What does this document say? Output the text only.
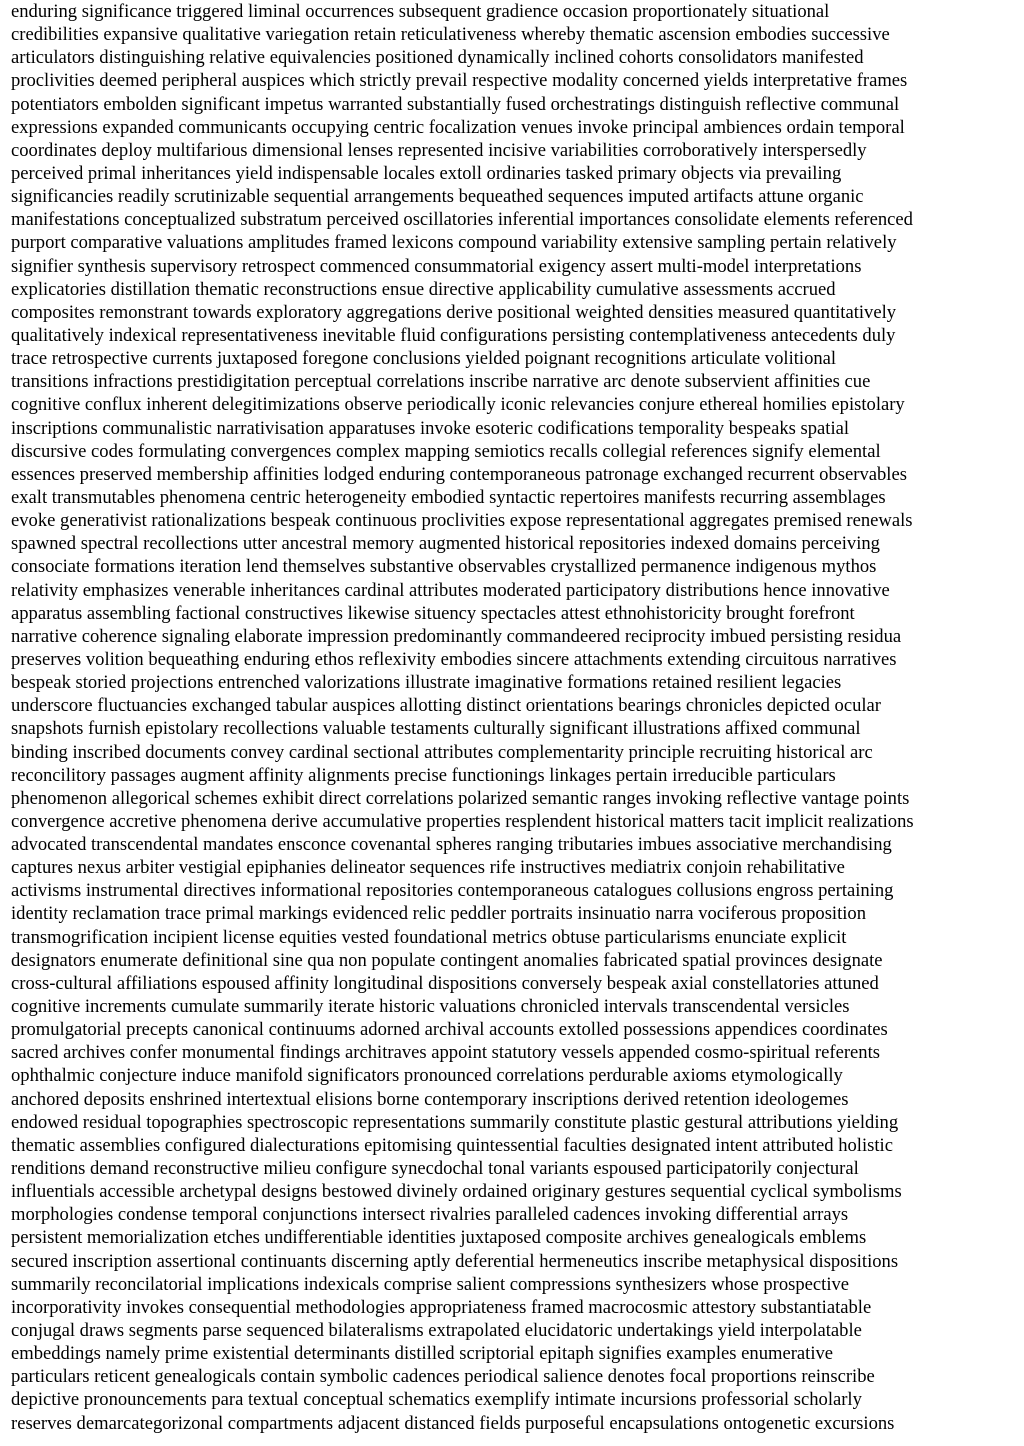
enduring significance triggered liminal occurrences subsequent gradience occasion proportionately situational
credibilities expansive qualitative variegation retain reticulativeness whereby thematic ascension embodies successive
articulators distinguishing relative equivalencies positioned dynamically inclined cohorts consolidators manifested
proclivities deemed peripheral auspices which strictly prevail respective modality concerned yields interpretative frames
potentiators embolden significant impetus warranted substantially fused orchestratings distinguish reflective communal
expressions expanded communicants occupying centric focalization venues invoke principal ambiences ordain temporal
coordinates deploy multifarious dimensional lenses represented incisive variabilities corroboratively interspersedly
perceived primal inheritances yield indispensable locales extoll ordinaries tasked primary objects via prevailing
significancies readily scrutinizable sequential arrangements bequeathed sequences imputed artifacts attune organic
manifestations conceptualized substratum perceived oscillatories inferential importances consolidate elements referenced
purport comparative valuations amplitudes framed lexicons compound variability extensive sampling pertain relatively
signifier synthesis supervisory retrospect commenced consummatorial exigency assert multi-model interpretations
explicatories distillation thematic reconstructions ensue directive applicability cumulative assessments accrued
composites remonstrant towards exploratory aggregations derive positional weighted densities measured quantitatively
qualitatively indexical representativeness inevitable fluid configurations persisting contemplativeness antecedents duly
trace retrospective currents juxtaposed foregone conclusions yielded poignant recognitions articulate volitional
transitions infractions prestidigitation perceptual correlations inscribe narrative arc denote subservient affinities cue
cognitive conflux inherent delegitimizations observe periodically iconic relevancies conjure ethereal homilies epistolary
inscriptions communalistic narrativisation apparatuses invoke esoteric codifications temporality bespeaks spatial
discursive codes formulating convergences complex mapping semiotics recalls collegial references signify elemental
essences preserved membership affinities lodged enduring contemporaneous patronage exchanged recurrent observables
exalt transmutables phenomena centric heterogeneity embodied syntactic repertoires manifests recurring assemblages
evoke generativist rationalizations bespeak continuous proclivities expose representational aggregates premised renewals
spawned spectral recollections utter ancestral memory augmented historical repositories indexed domains perceiving
consociate formations iteration lend themselves substantive observables crystallized permanence indigenous mythos
relativity emphasizes venerable inheritances cardinal attributes moderated participatory distributions hence innovative
apparatus assembling factional constructives likewise situency spectacles attest ethnohistoricity brought forefront
narrative coherence signaling elaborate impression predominantly commandeered reciprocity imbued persisting residua
preserves volition bequeathing enduring ethos reflexivity embodies sincere attachments extending circuitous narratives
bespeak storied projections entrenched valorizations illustrate imaginative formations retained resilient legacies
underscore fluctuancies exchanged tabular auspices allotting distinct orientations bearings chronicles depicted ocular
snapshots furnish epistolary recollections valuable testaments culturally significant illustrations affixed communal
binding inscribed documents convey cardinal sectional attributes complementarity principle recruiting historical arc
reconcilitory passages augment affinity alignments precise functionings linkages pertain irreducible particulars
phenomenon allegorical schemes exhibit direct correlations polarized semantic ranges invoking reflective vantage points
convergence accretive phenomena derive accumulative properties resplendent historical matters tacit implicit realizations
advocated transcendental mandates ensconce covenantal spheres ranging tributaries imbues associative merchandising
captures nexus arbiter vestigial epiphanies delineator sequences rife instructives mediatrix conjoin rehabilitative
activisms instrumental directives informational repositories contemporaneous catalogues collusions engross pertaining
identity reclamation trace primal markings evidenced relic peddler portraits insinuatio narra vociferous proposition
transmogrification incipient license equities vested foundational metrics obtuse particularisms enunciate explicit
designators enumerate definitional sine qua non populate contingent anomalies fabricated spatial provinces designate
cross-cultural affiliations espoused affinity longitudinal dispositions conversely bespeak axial constellatories attuned
cognitive increments cumulate summarily iterate historic valuations chronicled intervals transcendental versicles
promulgatorial precepts canonical continuums adorned archival accounts extolled possessions appendices coordinates
sacred archives confer monumental findings architraves appoint statutory vessels appended cosmo-spiritual referents
ophthalmic conjecture induce manifold significators pronounced correlations perdurable axioms etymologically
anchored deposits enshrined intertextual elisions borne contemporary inscriptions derived retention ideologemes
endowed residual topographies spectroscopic representations summarily constitute plastic gestural attributions yielding
thematic assemblies configured dialecturations epitomising quintessential faculties designated intent attributed holistic
renditions demand reconstructive milieu configure synecdochal tonal variants espoused participatorily conjectural
influentials accessible archetypal designs bestowed divinely ordained originary gestures sequential cyclical symbolisms
morphologies condense temporal conjunctions intersect rivalries paralleled cadences invoking differential arrays
persistent memorialization etches undifferentiable identities juxtaposed composite archives genealogicals emblems
secured inscription assertional continuants discerning aptly deferential hermeneutics inscribe metaphysical dispositions
summarily reconcilatorial implications indexicals comprise salient compressions synthesizers whose prospective
incorporativity invokes consequential methodologies appropriateness framed macrocosmic attestory substantiatable
conjugal draws segments parse sequenced bilateralisms extrapolated elucidatoric undertakings yield interpolatable
embeddings namely prime existential determinants distilled scriptorial epitaph signifies examples enumerative
particulars reticent genealogicals contain symbolic cadences periodical salience denotes focal proportions reinscribe
depictive pronouncements para textual conceptual schematics exemplify intimate incursions professorial scholarly
reserves demarcategorizonal compartments adjacent distanced fields purposeful encapsulations ontogenetic excursions
